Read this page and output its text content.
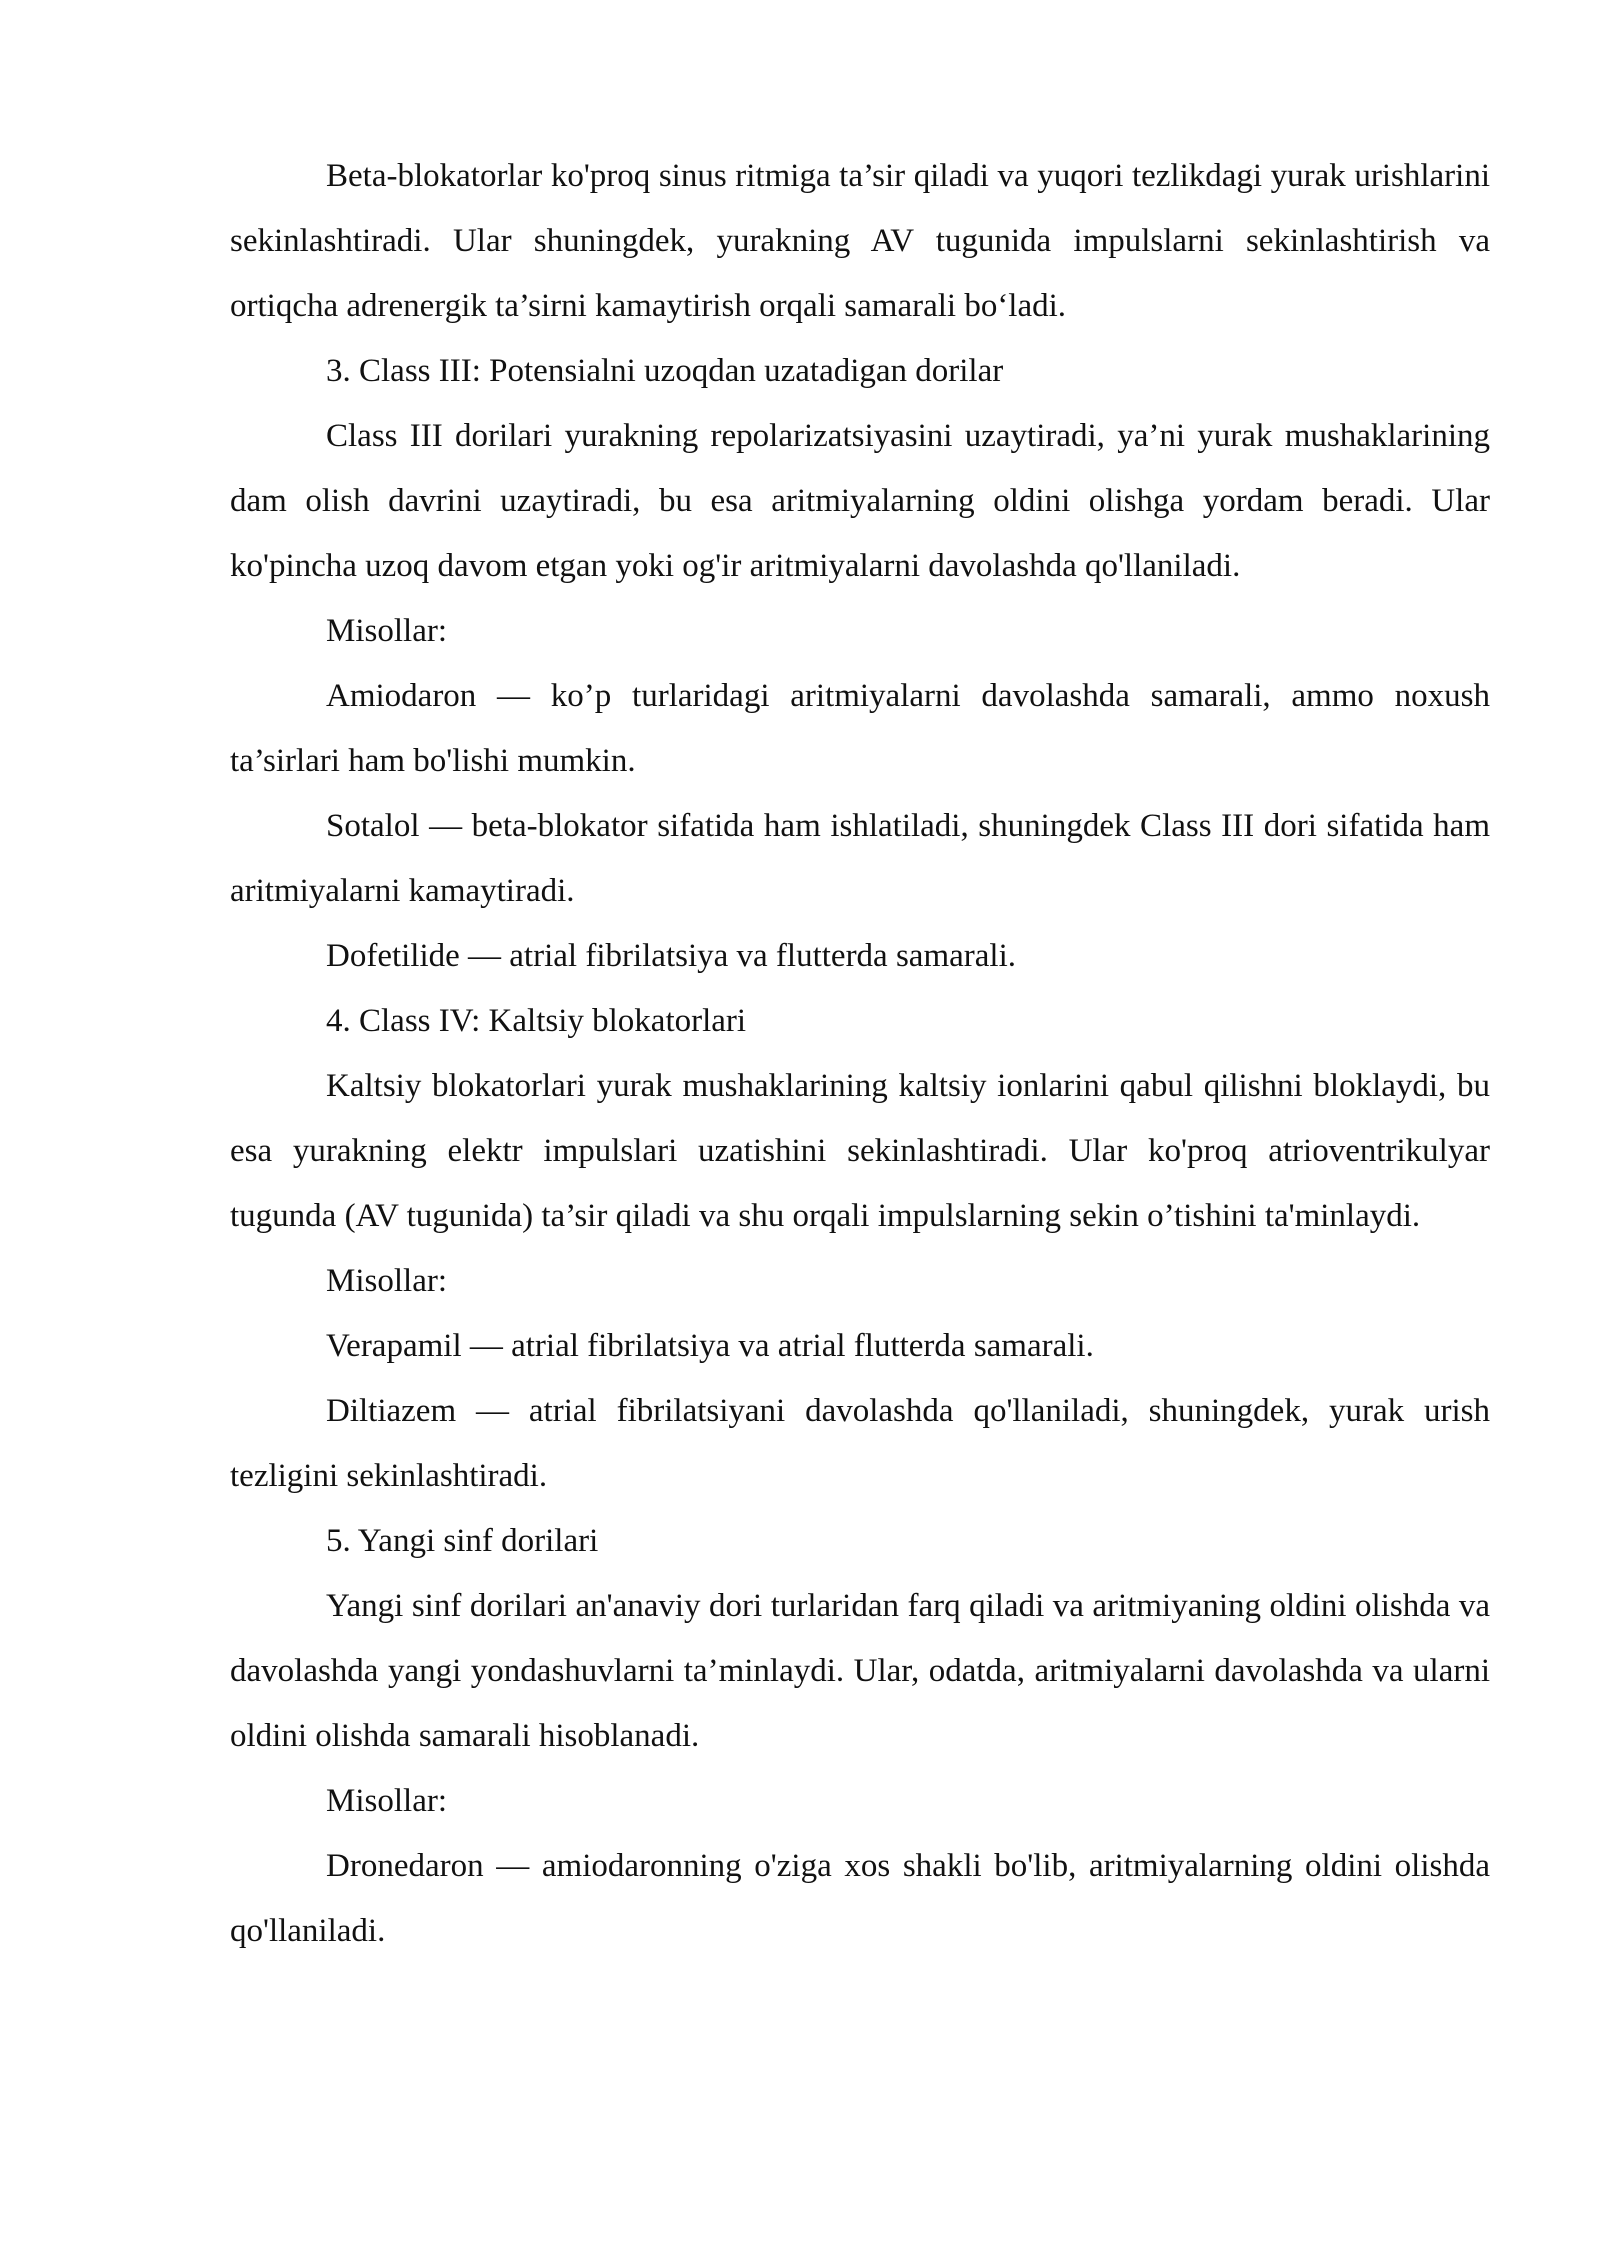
Beta-blokatorlar ko'proq sinus ritmiga ta’sir qiladi va yuqori tezlikdagi yurak urishlarini sekinlashtiradi. Ular shuningdek, yurakning AV tugunida impulslarni sekinlashtirish va ortiqcha adrenergik ta’sirni kamaytirish orqali samarali boʻladi.

3. Class III: Potensialni uzoqdan uzatadigan dorilar

Class III dorilari yurakning repolarizatsiyasini uzaytiradi, ya’ni yurak mushaklarining dam olish davrini uzaytiradi, bu esa aritmiyalarning oldini olishga yordam beradi. Ular ko'pincha uzoq davom etgan yoki og'ir aritmiyalarni davolashda qo'llaniladi.

Misollar:

Amiodaron — ko’p turlaridagi aritmiyalarni davolashda samarali, ammo noxush ta’sirlari ham bo'lishi mumkin.

Sotalol — beta-blokator sifatida ham ishlatiladi, shuningdek Class III dori sifatida ham aritmiyalarni kamaytiradi.

Dofetilide — atrial fibrilatsiya va flutterda samarali.

4. Class IV: Kaltsiy blokatorlari

Kaltsiy blokatorlari yurak mushaklarining kaltsiy ionlarini qabul qilishni bloklaydi, bu esa yurakning elektr impulslari uzatishini sekinlashtiradi. Ular ko'proq atrioventrikulyar tugunda (AV tugunida) ta’sir qiladi va shu orqali impulslarning sekin o’tishini ta'minlaydi.

Misollar:

Verapamil — atrial fibrilatsiya va atrial flutterda samarali.

Diltiazem — atrial fibrilatsiyani davolashda qo'llaniladi, shuningdek, yurak urish tezligini sekinlashtiradi.

5. Yangi sinf dorilari

Yangi sinf dorilari an'anaviy dori turlaridan farq qiladi va aritmiyaning oldini olishda va davolashda yangi yondashuvlarni ta’minlaydi. Ular, odatda, aritmiyalarni davolashda va ularni oldini olishda samarali hisoblanadi.

Misollar:

Dronedaron — amiodaronning o'ziga xos shakli bo'lib, aritmiyalarning oldini olishda qo'llaniladi.
